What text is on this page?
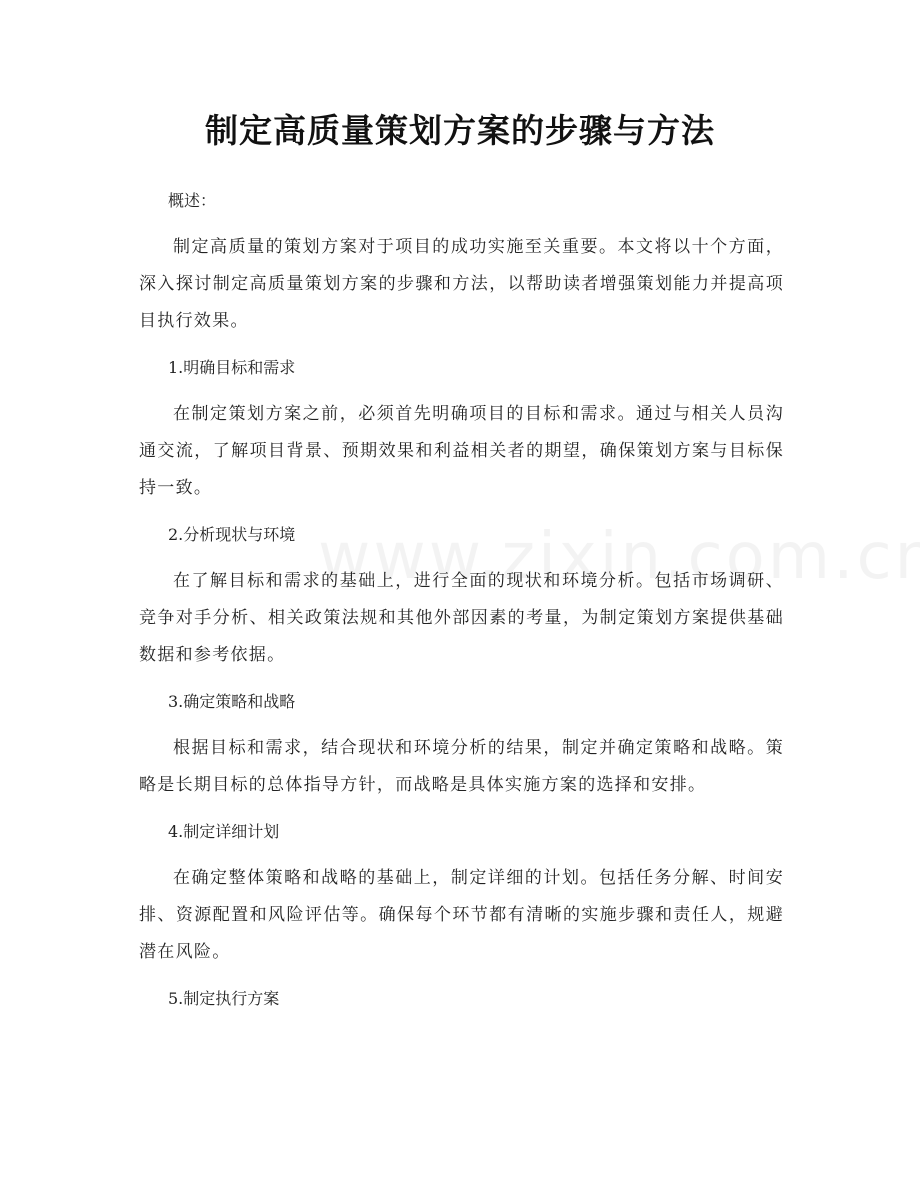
制定高质量策划方案的步骤与方法

概述：

制定高质量的策划方案对于项目的成功实施至关重要。本文将以十个方面，深入探讨制定高质量策划方案的步骤和方法，以帮助读者增强策划能力并提高项目执行效果。

1.明确目标和需求

在制定策划方案之前，必须首先明确项目的目标和需求。通过与相关人员沟通交流，了解项目背景、预期效果和利益相关者的期望，确保策划方案与目标保持一致。

2.分析现状与环境

在了解目标和需求的基础上，进行全面的现状和环境分析。包括市场调研、竞争对手分析、相关政策法规和其他外部因素的考量，为制定策划方案提供基础数据和参考依据。

3.确定策略和战略

根据目标和需求，结合现状和环境分析的结果，制定并确定策略和战略。策略是长期目标的总体指导方针，而战略是具体实施方案的选择和安排。

4.制定详细计划

在确定整体策略和战略的基础上，制定详细的计划。包括任务分解、时间安排、资源配置和风险评估等。确保每个环节都有清晰的实施步骤和责任人，规避潜在风险。

5.制定执行方案
